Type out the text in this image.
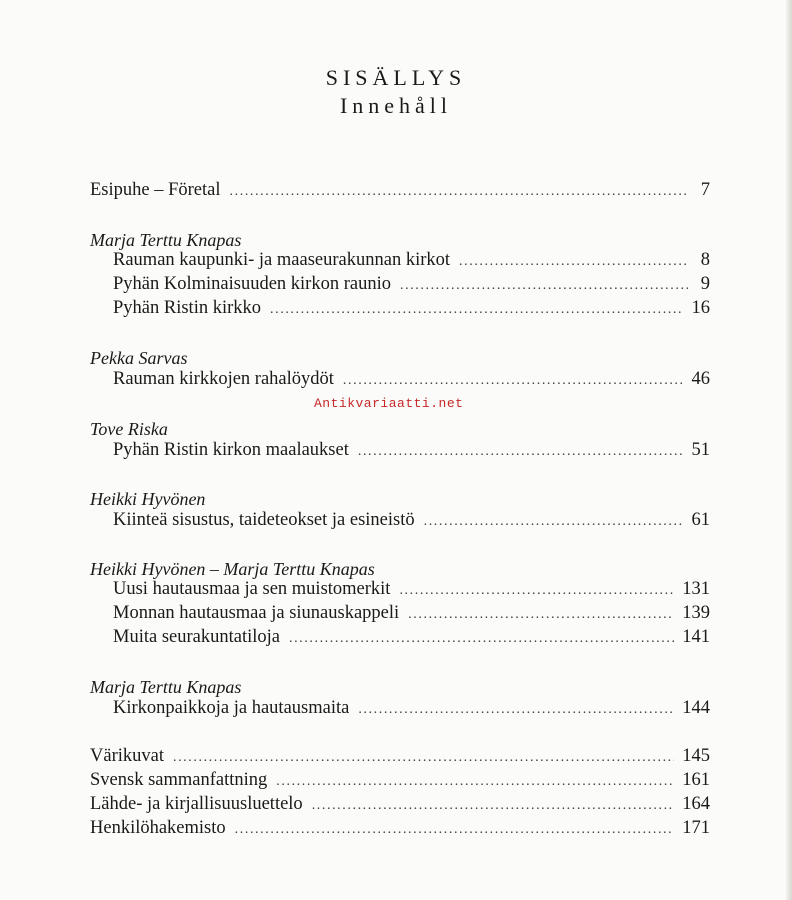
SISÄLLYS
Innehåll
Esipuhe – Företal .....	7
Marja Terttu Knapas
Rauman kaupunki- ja maaseurakunnan kirkot .....	8
Pyhän Kolminaisuuden kirkon raunio .....	9
Pyhän Ristin kirkko .....	16
Pekka Sarvas
Rauman kirkkojen rahalöydöt .....	46
Tove Riska
Pyhän Ristin kirkon maalaukset .....	51
Heikki Hyvönen
Kiinteä sisustus, taideteokset ja esineistö .....	61
Heikki Hyvönen – Marja Terttu Knapas
Uusi hautausmaa ja sen muistomerkit .....	131
Monnan hautausmaa ja siunauskappeli .....	139
Muita seurakuntatiloja .....	141
Marja Terttu Knapas
Kirkonpaikkoja ja hautausmaita .....	144
Värikuvat .....	145
Svensk sammanfattning .....	161
Lähde- ja kirjallisuusluettelo .....	164
Henkilöhakemisto .....	171
Antikvariaatti.net
